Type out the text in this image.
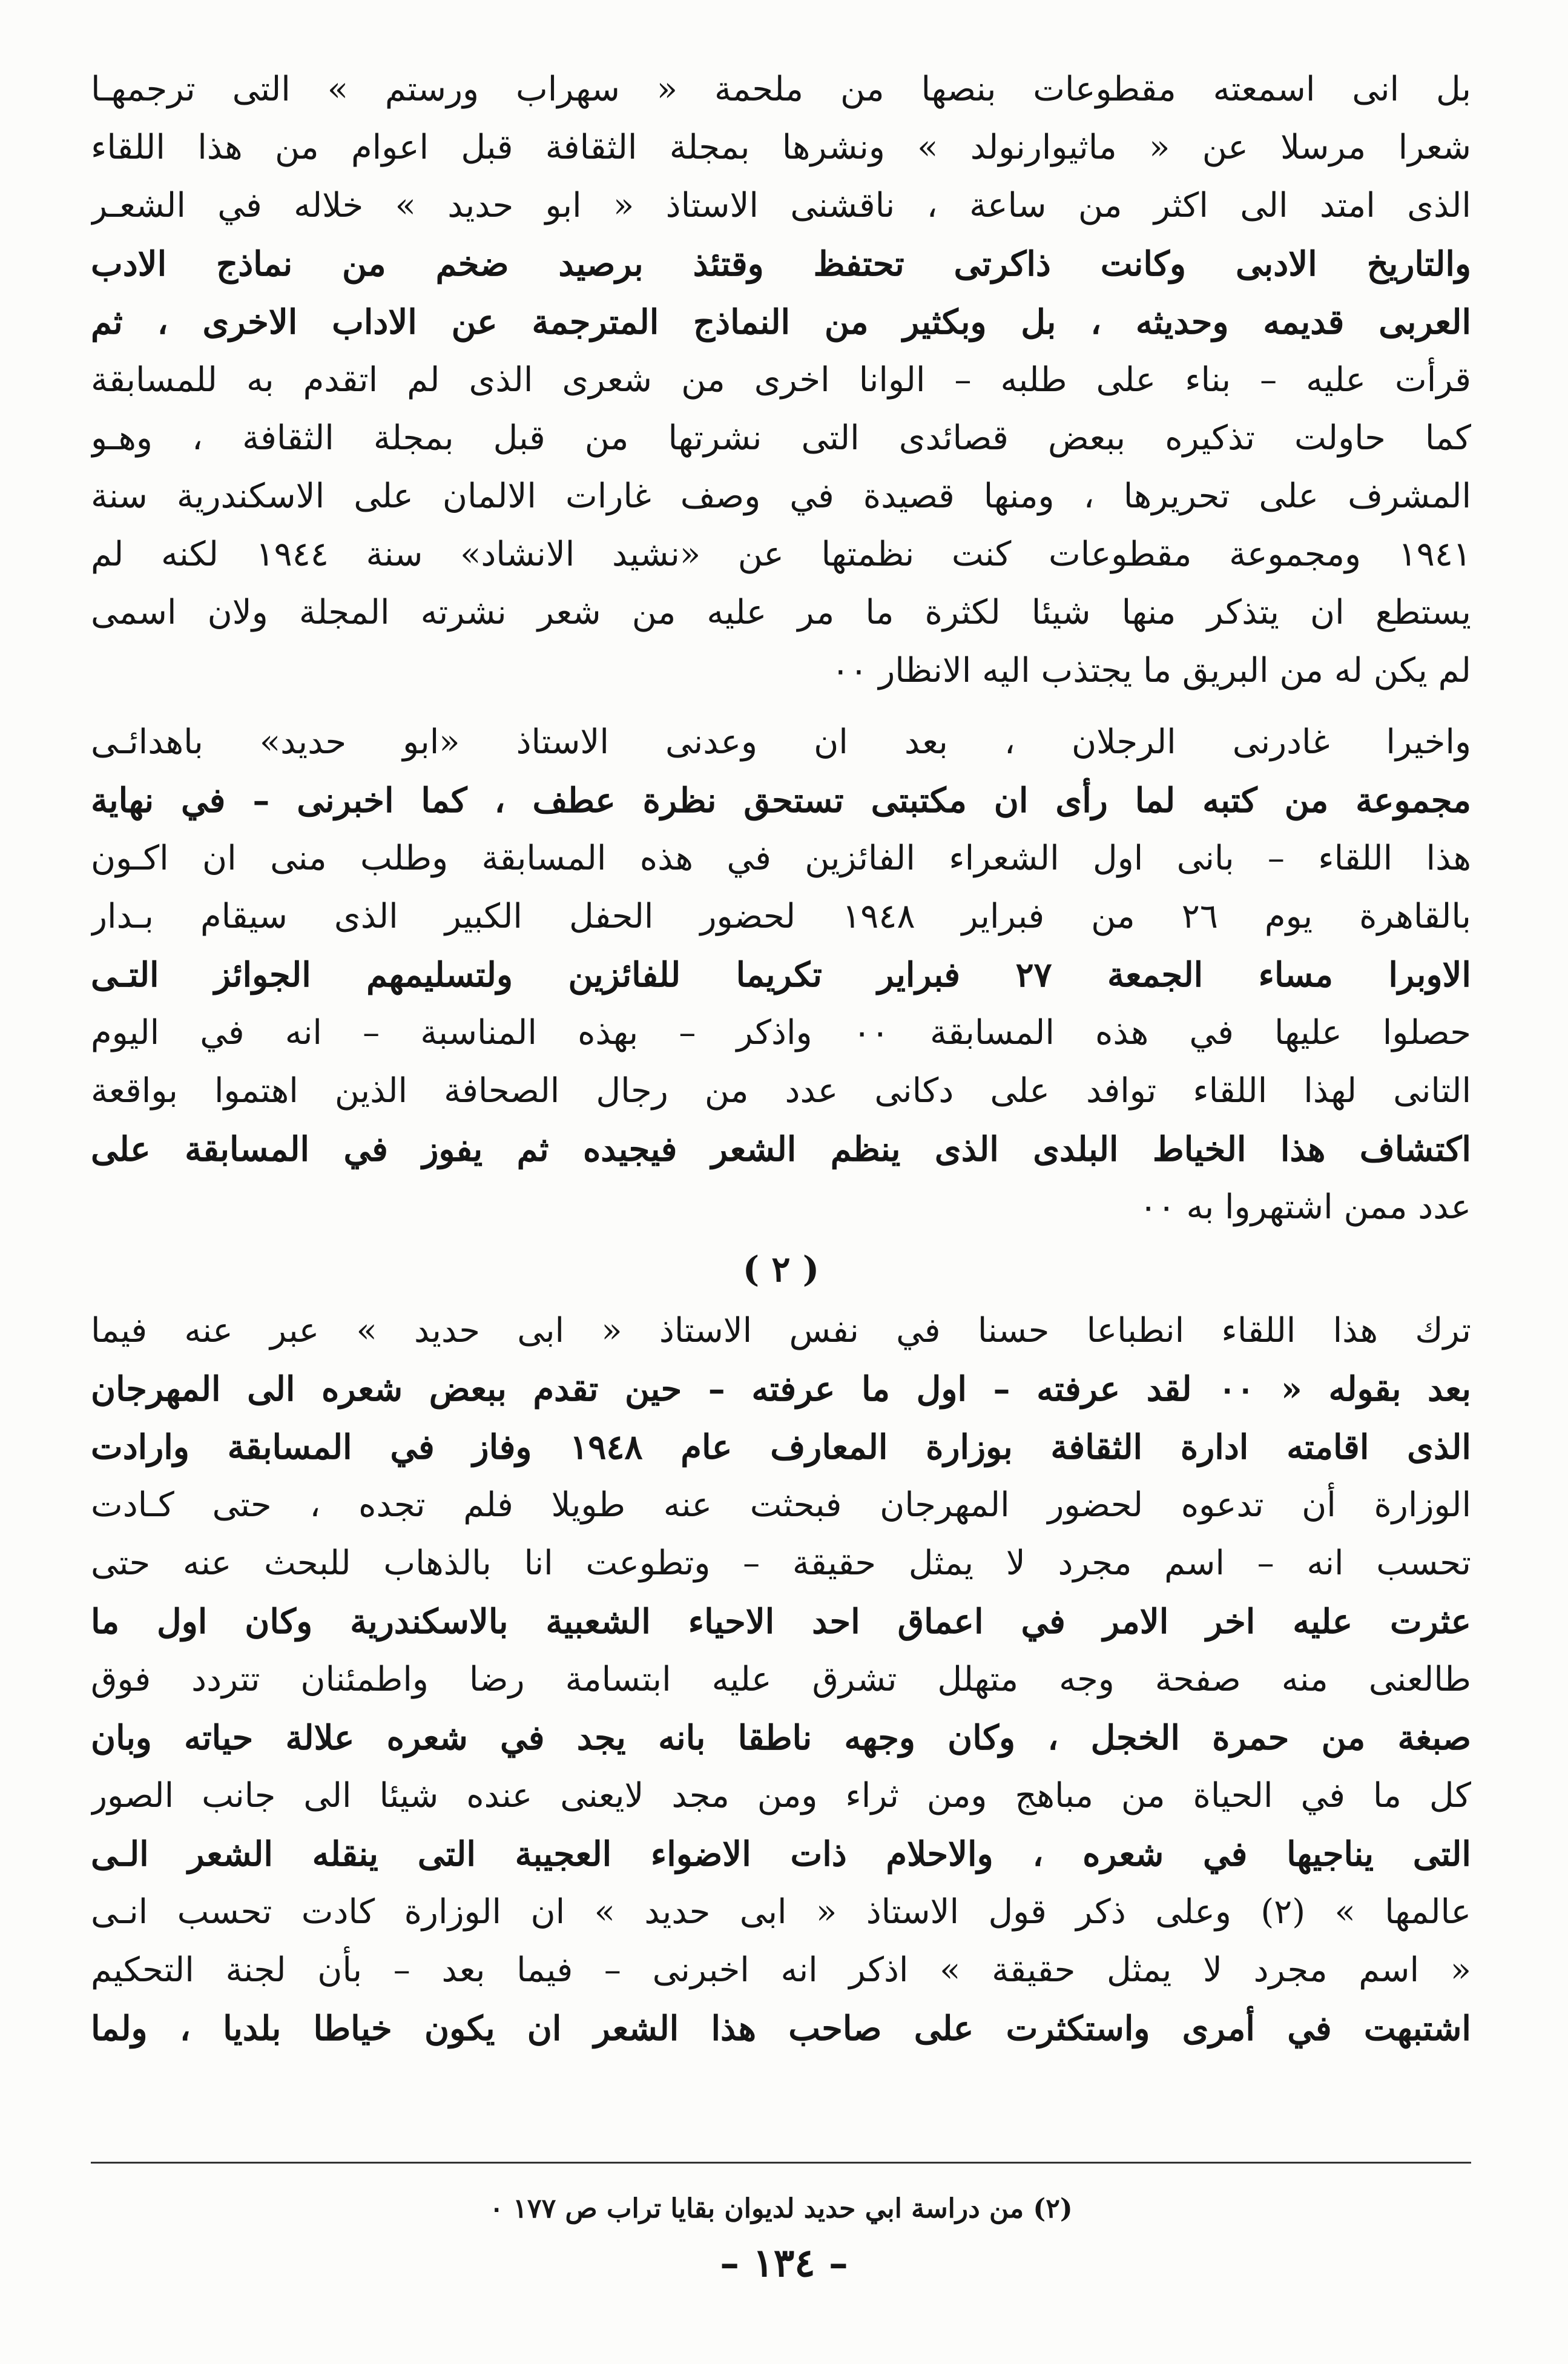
بل انى اسمعته مقطوعات بنصها من ملحمة « سهراب ورستم » التى ترجمهـا
شعرا مرسلا عن « ماثيوارنولد » ونشرها بمجلة الثقافة قبل اعوام من هذا اللقاء
الذى امتد الى اكثر من ساعة ، ناقشنى الاستاذ « ابو حديد » خلاله في الشعـر
والتاريخ الادبى وكانت ذاكرتى تحتفظ وقتئذ برصيد ضخم من نماذج الادب
العربى قديمه وحديثه ، بل وبكثير من النماذج المترجمة عن الاداب الاخرى ، ثم
قرأت عليه – بناء على طلبه – الوانا اخرى من شعرى الذى لم اتقدم به للمسابقة
كما حاولت تذكيره ببعض قصائدى التى نشرتها من قبل بمجلة الثقافة ، وهـو
المشرف على تحريرها ، ومنها قصيدة في وصف غارات الالمان على الاسكندرية سنة
١٩٤١ ومجموعة مقطوعات كنت نظمتها عن «نشيد الانشاد» سنة ١٩٤٤ لكنه لم
يستطع ان يتذكر منها شيئا لكثرة ما مر عليه من شعر نشرته المجلة ولان اسمى
لم يكن له من البريق ما يجتذب اليه الانظار ٠٠
واخيرا غادرنى الرجلان ، بعد ان وعدنى الاستاذ «ابو حديد» باهدائـى
مجموعة من كتبه لما رأى ان مكتبتى تستحق نظرة عطف ، كما اخبرنى – في نهاية
هذا اللقاء – بانى اول الشعراء الفائزين في هذه المسابقة وطلب منى ان اكـون
بالقاهرة يوم ٢٦ من فبراير ١٩٤٨ لحضور الحفل الكبير الذى سيقام بـدار
الاوبرا مساء الجمعة ٢٧ فبراير تكريما للفائزين ولتسليمهم الجوائز التـى
حصلوا عليها في هذه المسابقة ٠٠ واذكر – بهذه المناسبة – انه في اليوم
التانى لهذا اللقاء توافد على دكانى عدد من رجال الصحافة الذين اهتموا بواقعة
اكتشاف هذا الخياط البلدى الذى ينظم الشعر فيجيده ثم يفوز في المسابقة على
عدد ممن اشتهروا به ٠٠
( ٢ )
ترك هذا اللقاء انطباعا حسنا في نفس الاستاذ « ابى حديد » عبر عنه فيما
بعد بقوله « ٠٠ لقد عرفته – اول ما عرفته – حين تقدم ببعض شعره الى المهرجان
الذى اقامته ادارة الثقافة بوزارة المعارف عام ١٩٤٨ وفاز في المسابقة وارادت
الوزارة أن تدعوه لحضور المهرجان فبحثت عنه طويلا فلم تجده ، حتى كـادت
تحسب انه – اسم مجرد لا يمثل حقيقة – وتطوعت انا بالذهاب للبحث عنه حتى
عثرت عليه اخر الامر في اعماق احد الاحياء الشعبية بالاسكندرية وكان اول ما
طالعنى منه صفحة وجه متهلل تشرق عليه ابتسامة رضا واطمئنان تتردد فوق
صبغة من حمرة الخجل ، وكان وجهه ناطقا بانه يجد في شعره علالة حياته وبان
كل ما في الحياة من مباهج ومن ثراء ومن مجد لايعنى عنده شيئا الى جانب الصور
التى يناجيها في شعره ، والاحلام ذات الاضواء العجيبة التى ينقله الشعر الـى
عالمها » (٢) وعلى ذكر قول الاستاذ « ابى حديد » ان الوزارة كادت تحسب انـى
« اسم مجرد لا يمثل حقيقة » اذكر انه اخبرنى – فيما بعد – بأن لجنة التحكيم
اشتبهت في أمرى واستكثرت على صاحب هذا الشعر ان يكون خياطا بلديا ، ولما
(٢) من دراسة ابي حديد لديوان بقايا تراب ص ١٧٧ ٠
– ١٣٤ –
